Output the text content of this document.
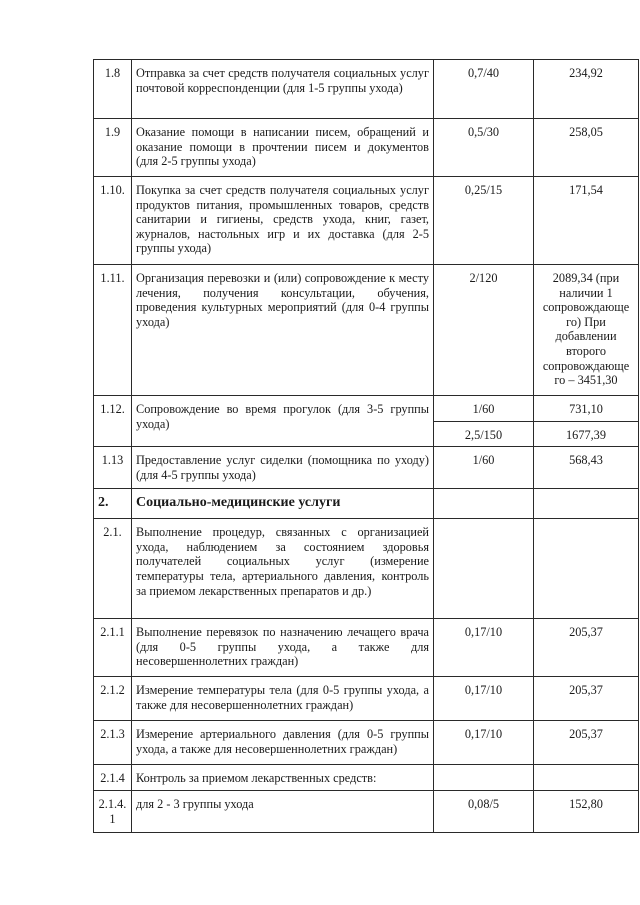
1.8	Отправка за счет средств получателя социальных услуг почтовой корреспонденции (для 1-5 группы ухода)	0,7/40	234,92
1.9	Оказание помощи в написании писем, обращений и оказание помощи в прочтении писем и документов (для 2-5 группы ухода)	0,5/30	258,05
1.10.	Покупка за счет средств получателя социальных услуг продуктов питания, промышленных товаров, средств санитарии и гигиены, средств ухода, книг, газет, журналов, настольных игр и их доставка (для 2-5 группы ухода)	0,25/15	171,54
1.11.	Организация перевозки и (или) сопровождение к месту лечения, получения консультации, обучения, проведения культурных мероприятий (для 0-4 группы ухода)	2/120	2089,34 (при наличии 1 сопровождающе го) При добавлении второго сопровождающе го – 3451,30
1.12.	Сопровождение во время прогулок (для 3-5 группы ухода)	1/60	731,10
		2,5/150	1677,39
1.13	Предоставление услуг сиделки (помощника по уходу) (для 4-5 группы ухода)	1/60	568,43
2.	Социально-медицинские услуги		
2.1.	Выполнение процедур, связанных с организацией ухода, наблюдением за состоянием здоровья получателей социальных услуг (измерение температуры тела, артериального давления, контроль за приемом лекарственных препаратов и др.)		
2.1.1	Выполнение перевязок по назначению лечащего врача (для 0-5 группы ухода, а также для несовершеннолетних граждан)	0,17/10	205,37
2.1.2	Измерение температуры тела (для 0-5 группы ухода, а также для несовершеннолетних граждан)	0,17/10	205,37
2.1.3	Измерение артериального давления (для 0-5 группы ухода, а также для несовершеннолетних граждан)	0,17/10	205,37
2.1.4	Контроль за приемом лекарственных средств:		
2.1.4.1	для 2 - 3 группы ухода	0,08/5	152,80
